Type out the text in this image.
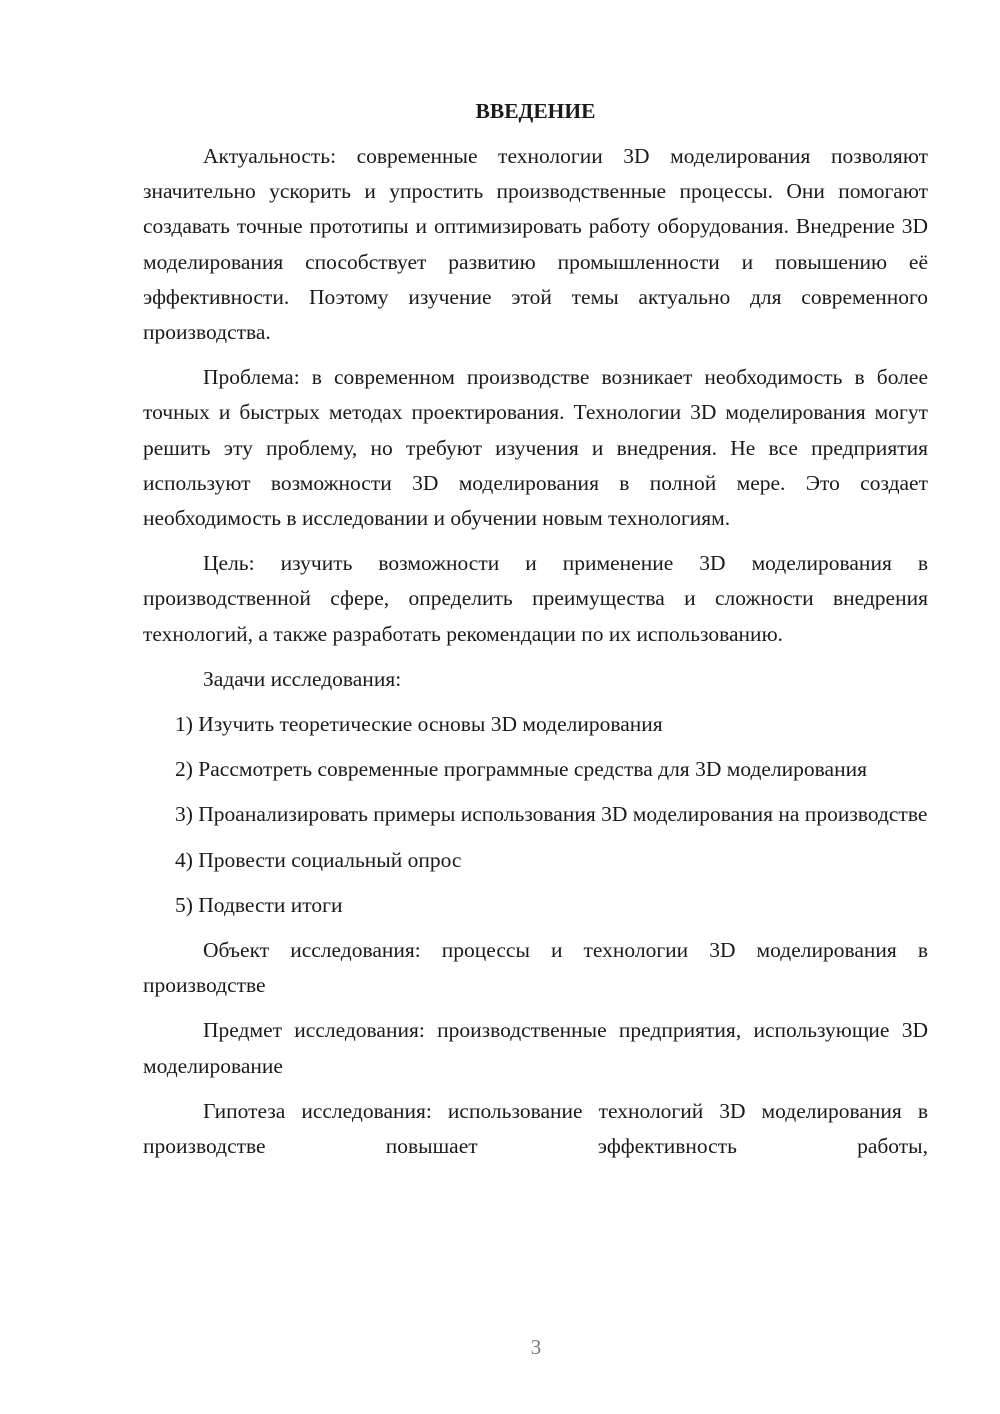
ВВЕДЕНИЕ

Актуальность: современные технологии 3D моделирования позволяют значительно ускорить и упростить производственные процессы. Они помогают создавать точные прототипы и оптимизировать работу оборудования. Внедрение 3D моделирования способствует развитию промышленности и повышению её эффективности. Поэтому изучение этой темы актуально для современного производства.

Проблема: в современном производстве возникает необходимость в более точных и быстрых методах проектирования. Технологии 3D моделирования могут решить эту проблему, но требуют изучения и внедрения. Не все предприятия используют возможности 3D моделирования в полной мере. Это создает необходимость в исследовании и обучении новым технологиям.

Цель: изучить возможности и применение 3D моделирования в производственной сфере, определить преимущества и сложности внедрения технологий, а также разработать рекомендации по их использованию.

Задачи исследования:

1) Изучить теоретические основы 3D моделирования

2) Рассмотреть современные программные средства для 3D моделирования

3) Проанализировать примеры использования 3D моделирования на производстве

4) Провести социальный опрос

5) Подвести итоги

Объект исследования: процессы и технологии 3D моделирования в производстве

Предмет исследования: производственные предприятия, использующие 3D моделирование

Гипотеза исследования: использование технологий 3D моделирования в производстве повышает эффективность работы,

3
